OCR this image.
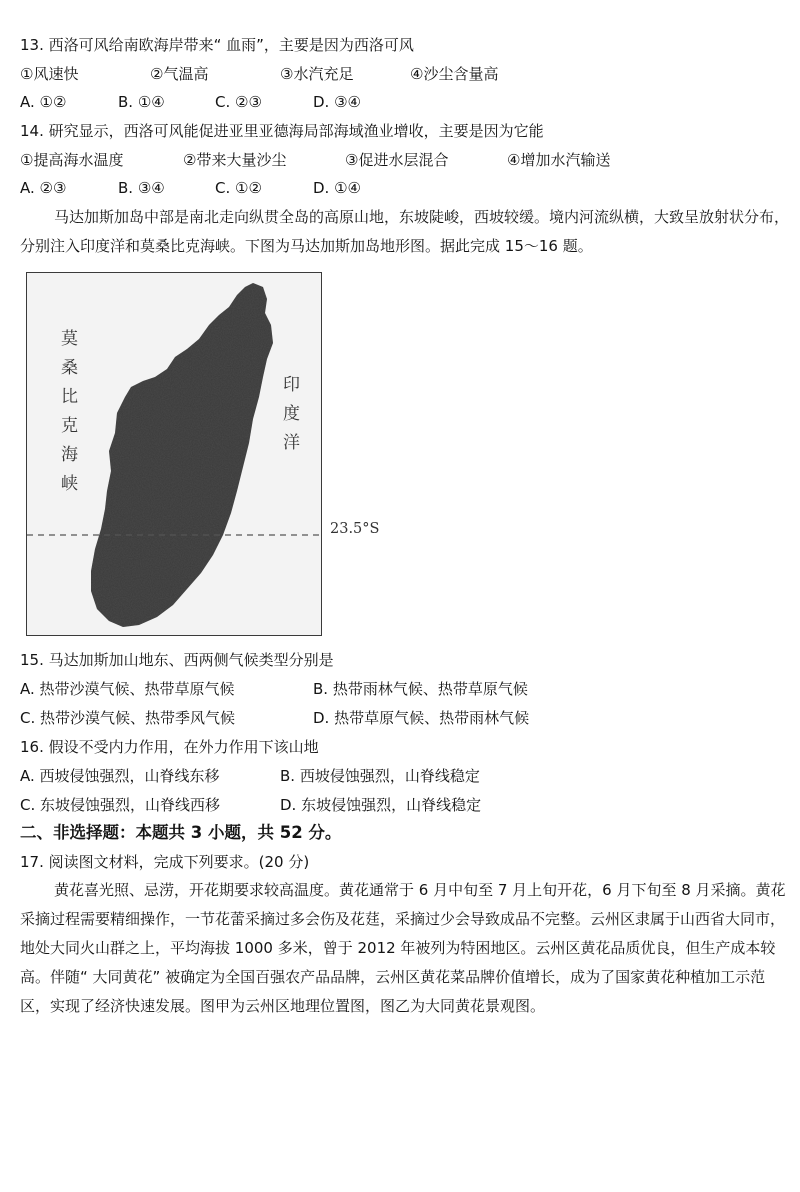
13. 西洛可风给南欧海岸带来“ 血雨”，主要是因为西洛可风
①风速快	②气温高	③水汽充足	④沙尘含量高
A. ①②	B. ①④	C. ②③	D. ③④
14. 研究显示，西洛可风能促进亚里亚德海局部海域渔业增收，主要是因为它能
①提高海水温度	②带来大量沙尘	③促进水层混合	④增加水汽输送
A. ②③	B. ③④	C. ①②	D. ①④
马达加斯加岛中部是南北走向纵贯全岛的高原山地，东坡陡峻，西坡较缓。境内河流纵横，大致呈放射状分布，分别注入印度洋和莫桑比克海峡。下图为马达加斯加岛地形图。据此完成 15～16 题。
莫桑比克海峡	印度洋
23.5°S
15. 马达加斯加山地东、西两侧气候类型分别是
A. 热带沙漠气候、热带草原气候	B. 热带雨林气候、热带草原气候
C. 热带沙漠气候、热带季风气候	D. 热带草原气候、热带雨林气候
16. 假设不受内力作用，在外力作用下该山地
A. 西坡侵蚀强烈，山脊线东移	B. 西坡侵蚀强烈，山脊线稳定
C. 东坡侵蚀强烈，山脊线西移	D. 东坡侵蚀强烈，山脊线稳定
二、非选择题：本题共 3 小题，共 52 分。
17. 阅读图文材料，完成下列要求。(20 分)
黄花喜光照、忌涝，开花期要求较高温度。黄花通常于 6 月中旬至 7 月上旬开花，6 月下旬至 8 月采摘。黄花采摘过程需要精细操作，一节花蕾采摘过多会伤及花莛，采摘过少会导致成品不完整。云州区隶属于山西省大同市，地处大同火山群之上，平均海拔 1000 多米，曾于 2012 年被列为特困地区。云州区黄花品质优良，但生产成本较高。伴随“ 大同黄花” 被确定为全国百强农产品品牌，云州区黄花菜品牌价值增长，成为了国家黄花种植加工示范区，实现了经济快速发展。图甲为云州区地理位置图，图乙为大同黄花景观图。
